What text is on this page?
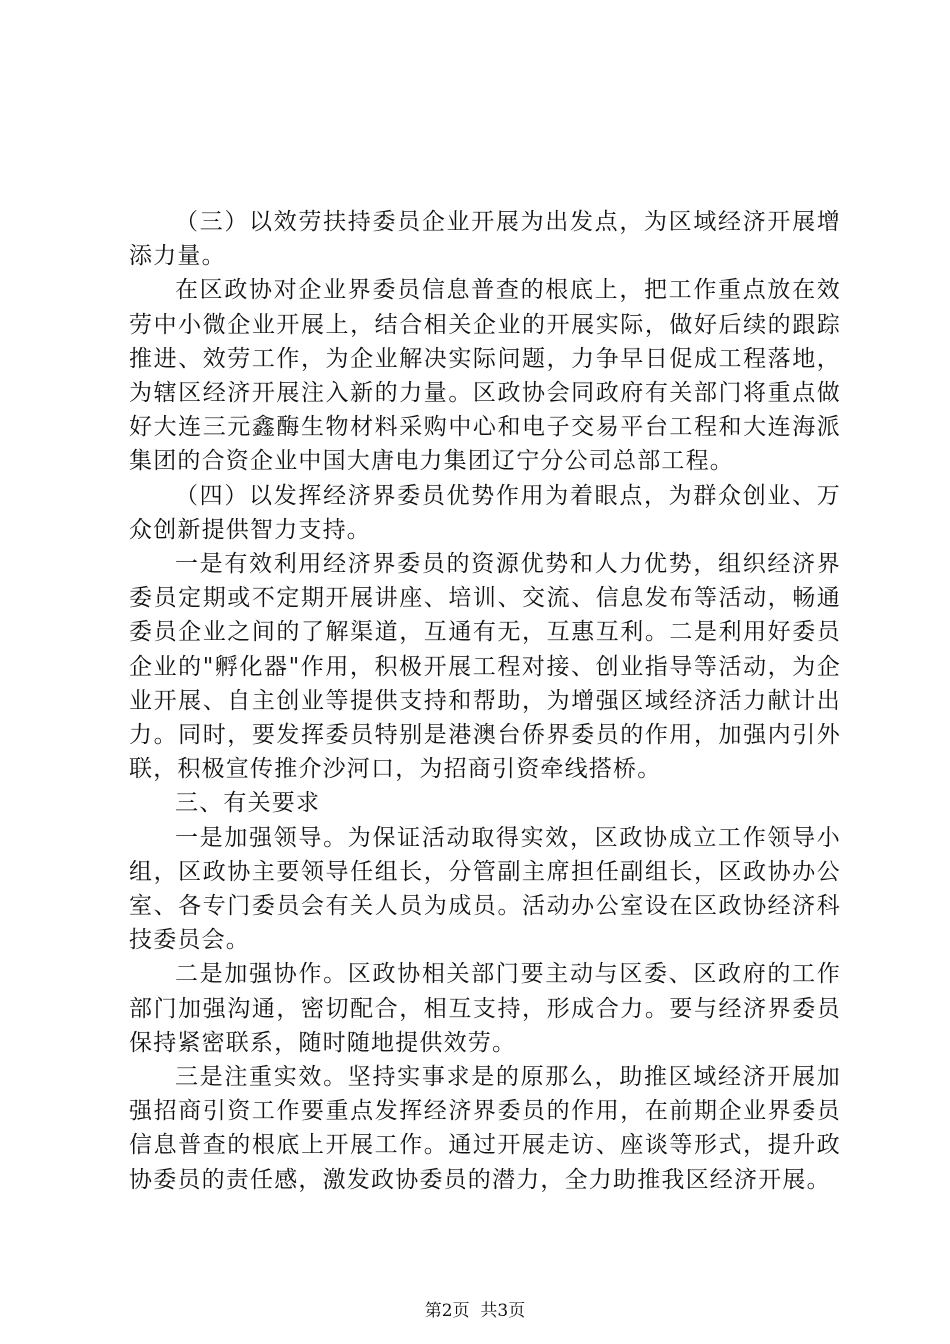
（三）以效劳扶持委员企业开展为出发点，为区域经济开展增添力量。

在区政协对企业界委员信息普查的根底上，把工作重点放在效劳中小微企业开展上，结合相关企业的开展实际，做好后续的跟踪推进、效劳工作，为企业解决实际问题，力争早日促成工程落地，为辖区经济开展注入新的力量。区政协会同政府有关部门将重点做好大连三元鑫酶生物材料采购中心和电子交易平台工程和大连海派集团的合资企业中国大唐电力集团辽宁分公司总部工程。

（四）以发挥经济界委员优势作用为着眼点，为群众创业、万众创新提供智力支持。

一是有效利用经济界委员的资源优势和人力优势，组织经济界委员定期或不定期开展讲座、培训、交流、信息发布等活动，畅通委员企业之间的了解渠道，互通有无，互惠互利。二是利用好委员企业的"孵化器"作用，积极开展工程对接、创业指导等活动，为企业开展、自主创业等提供支持和帮助，为增强区域经济活力献计出力。同时，要发挥委员特别是港澳台侨界委员的作用，加强内引外联，积极宣传推介沙河口，为招商引资牵线搭桥。

三、有关要求

一是加强领导。为保证活动取得实效，区政协成立工作领导小组，区政协主要领导任组长，分管副主席担任副组长，区政协办公室、各专门委员会有关人员为成员。活动办公室设在区政协经济科技委员会。

二是加强协作。区政协相关部门要主动与区委、区政府的工作部门加强沟通，密切配合，相互支持，形成合力。要与经济界委员保持紧密联系，随时随地提供效劳。

三是注重实效。坚持实事求是的原那么，助推区域经济开展加强招商引资工作要重点发挥经济界委员的作用，在前期企业界委员信息普查的根底上开展工作。通过开展走访、座谈等形式，提升政协委员的责任感，激发政协委员的潜力，全力助推我区经济开展。

第2页  共3页
